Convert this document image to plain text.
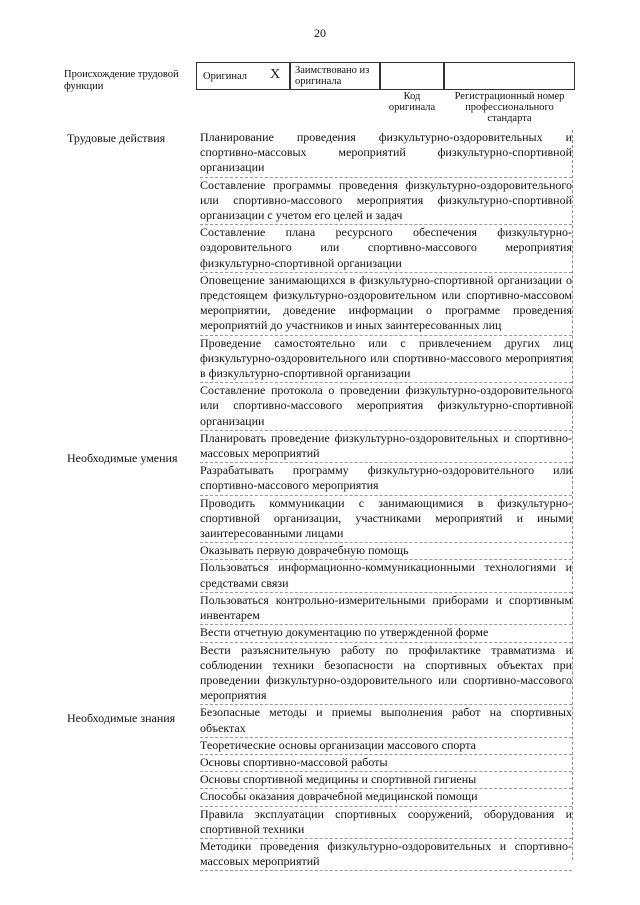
20
Происхождение трудовой функции
Оригинал X Заимствовано из оригинала
Код оригинала
Регистрационный номер профессионального стандарта
Трудовые действия
Необходимые умения
Необходимые знания
Планирование проведения физкультурно-оздоровительных и спортивно-массовых мероприятий физкультурно-спортивной организации
Составление программы проведения физкультурно-оздоровительного или спортивно-массового мероприятия физкультурно-спортивной организации с учетом его целей и задач
Составление плана ресурсного обеспечения физкультурно-оздоровительного или спортивно-массового мероприятия физкультурно-спортивной организации
Оповещение занимающихся в физкультурно-спортивной организации о предстоящем физкультурно-оздоровительном или спортивно-массовом мероприятии, доведение информации о программе проведения мероприятий до участников и иных заинтересованных лиц
Проведение самостоятельно или с привлечением других лиц физкультурно-оздоровительного или спортивно-массового мероприятия в физкультурно-спортивной организации
Составление протокола о проведении физкультурно-оздоровительного или спортивно-массового мероприятия физкультурно-спортивной организации
Планировать проведение физкультурно-оздоровительных и спортивно-массовых мероприятий
Разрабатывать программу физкультурно-оздоровительного или спортивно-массового мероприятия
Проводить коммуникации с занимающимися в физкультурно-спортивной организации, участниками мероприятий и иными заинтересованными лицами
Оказывать первую доврачебную помощь
Пользоваться информационно-коммуникационными технологиями и средствами связи
Пользоваться контрольно-измерительными приборами и спортивным инвентарем
Вести отчетную документацию по утвержденной форме
Вести разъяснительную работу по профилактике травматизма и соблюдении техники безопасности на спортивных объектах при проведении физкультурно-оздоровительного или спортивно-массового мероприятия
Безопасные методы и приемы выполнения работ на спортивных объектах
Теоретические основы организации массового спорта
Основы спортивно-массовой работы
Основы спортивной медицины и спортивной гигиены
Способы оказания доврачебной медицинской помощи
Правила эксплуатации спортивных сооружений, оборудования и спортивной техники
Методики проведения физкультурно-оздоровительных и спортивно-массовых мероприятий
